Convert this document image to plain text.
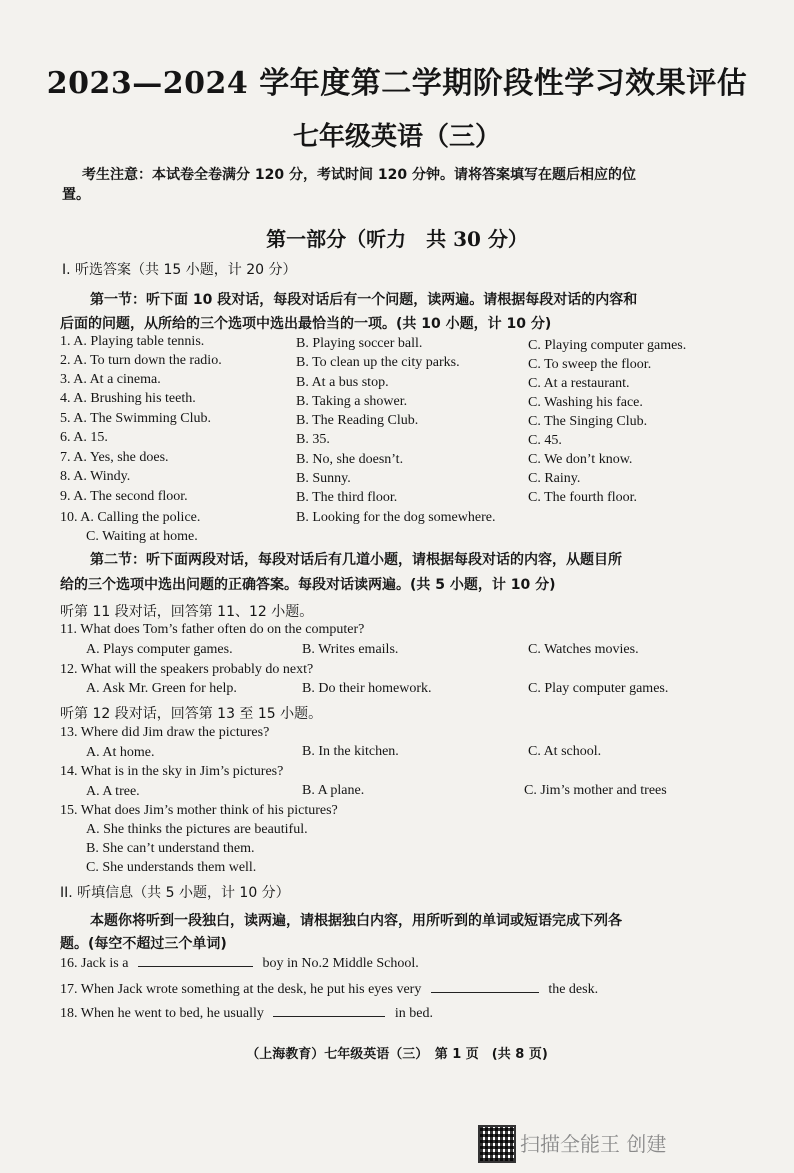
2023—2024 学年度第二学期阶段性学习效果评估
七年级英语（三）
考生注意：本试卷全卷满分 120 分，考试时间 120 分钟。请将答案填写在题后相应的位
置。
第一部分（听力　共 30 分）
I. 听选答案（共 15 小题，计 20 分）
第一节：听下面 10 段对话，每段对话后有一个问题，读两遍。请根据每段对话的内容和
后面的问题，从所给的三个选项中选出最恰当的一项。(共 10 小题，计 10 分)
1. A. Playing table tennis.	B. Playing soccer ball.	C. Playing computer games.
2. A. To turn down the radio.	B. To clean up the city parks.	C. To sweep the floor.
3. A. At a cinema.	B. At a bus stop.	C. At a restaurant.
4. A. Brushing his teeth.	B. Taking a shower.	C. Washing his face.
5. A. The Swimming Club.	B. The Reading Club.	C. The Singing Club.
6. A. 15.	B. 35.	C. 45.
7. A. Yes, she does.	B. No, she doesn’t.	C. We don’t know.
8. A. Windy.	B. Sunny.	C. Rainy.
9. A. The second floor.	B. The third floor.	C. The fourth floor.
10. A. Calling the police.	B. Looking for the dog somewhere.
C. Waiting at home.
第二节：听下面两段对话，每段对话后有几道小题，请根据每段对话的内容，从题目所
给的三个选项中选出问题的正确答案。每段对话读两遍。(共 5 小题，计 10 分)
听第 11 段对话，回答第 11、12 小题。
11. What does Tom’s father often do on the computer?
A. Plays computer games.	B. Writes emails.	C. Watches movies.
12. What will the speakers probably do next?
A. Ask Mr. Green for help.	B. Do their homework.	C. Play computer games.
听第 12 段对话，回答第 13 至 15 小题。
13. Where did Jim draw the pictures?
A. At home.	B. In the kitchen.	C. At school.
14. What is in the sky in Jim’s pictures?
A. A tree.	B. A plane.	C. Jim’s mother and trees
15. What does Jim’s mother think of his pictures?
A. She thinks the pictures are beautiful.
B. She can’t understand them.
C. She understands them well.
II. 听填信息（共 5 小题，计 10 分）
本题你将听到一段独白，读两遍，请根据独白内容，用所听到的单词或短语完成下列各
题。(每空不超过三个单词)
16. Jack is a	boy in No.2 Middle School.
17. When Jack wrote something at the desk, he put his eyes very	the desk.
18. When he went to bed, he usually	in bed.
（上海教育）七年级英语（三）　第 1 页　(共 8 页)
扫描全能王 创建
